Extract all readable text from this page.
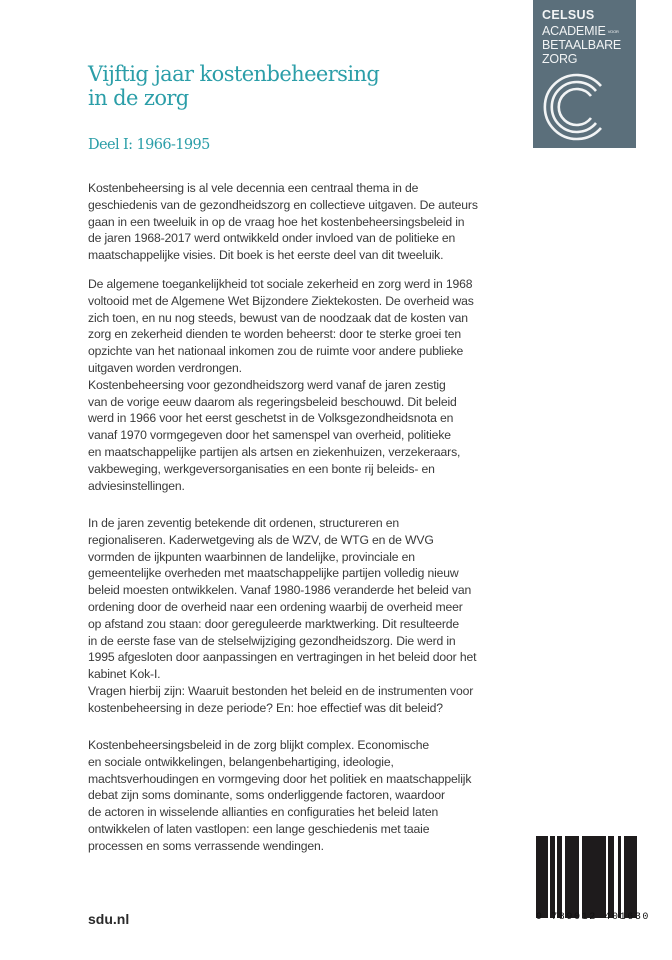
CELSUS
ACADEMIE VOOR
BETAALBARE
ZORG
Vijftig jaar kostenbeheersing
in de zorg
Deel I: 1966-1995
Kostenbeheersing is al vele decennia een centraal thema in de
geschiedenis van de gezondheidszorg en collectieve uitgaven. De auteurs
gaan in een tweeluik in op de vraag hoe het kostenbeheersingsbeleid in
de jaren 1968-2017 werd ontwikkeld onder invloed van de politieke en
maatschappelijke visies. Dit boek is het eerste deel van dit tweeluik.
De algemene toegankelijkheid tot sociale zekerheid en zorg werd in 1968
voltooid met de Algemene Wet Bijzondere Ziektekosten. De overheid was
zich toen, en nu nog steeds, bewust van de noodzaak dat de kosten van
zorg en zekerheid dienden te worden beheerst: door te sterke groei ten
opzichte van het nationaal inkomen zou de ruimte voor andere publieke
uitgaven worden verdrongen.
Kostenbeheersing voor gezondheidszorg werd vanaf de jaren zestig
van de vorige eeuw daarom als regeringsbeleid beschouwd. Dit beleid
werd in 1966 voor het eerst geschetst in de Volksgezondheidsnota en
vanaf 1970 vormgegeven door het samenspel van overheid, politieke
en maatschappelijke partijen als artsen en ziekenhuizen, verzekeraars,
vakbeweging, werkgeversorganisaties en een bonte rij beleids- en
adviesinstellingen.
In de jaren zeventig betekende dit ordenen, structureren en
regionaliseren. Kaderwetgeving als de WZV, de WTG en de WVG
vormden de ijkpunten waarbinnen de landelijke, provinciale en
gemeentelijke overheden met maatschappelijke partijen volledig nieuw
beleid moesten ontwikkelen. Vanaf 1980-1986 veranderde het beleid van
ordening door de overheid naar een ordening waarbij de overheid meer
op afstand zou staan: door gereguleerde marktwerking. Dit resulteerde
in de eerste fase van de stelselwijziging gezondheidszorg. Die werd in
1995 afgesloten door aanpassingen en vertragingen in het beleid door het
kabinet Kok-I.
Vragen hierbij zijn: Waaruit bestonden het beleid en de instrumenten voor
kostenbeheersing in deze periode? En: hoe effectief was dit beleid?
Kostenbeheersingsbeleid in de zorg blijkt complex. Economische
en sociale ontwikkelingen, belangenbehartiging, ideologie,
machtsverhoudingen en vormgeving door het politiek en maatschappelijk
debat zijn soms dominante, soms onderliggende factoren, waardoor
de actoren in wisselende allianties en configuraties het beleid laten
ontwikkelen of laten vastlopen: een lange geschiedenis met taaie
processen en soms verrassende wendingen.
sdu.nl	9 789012 401630
